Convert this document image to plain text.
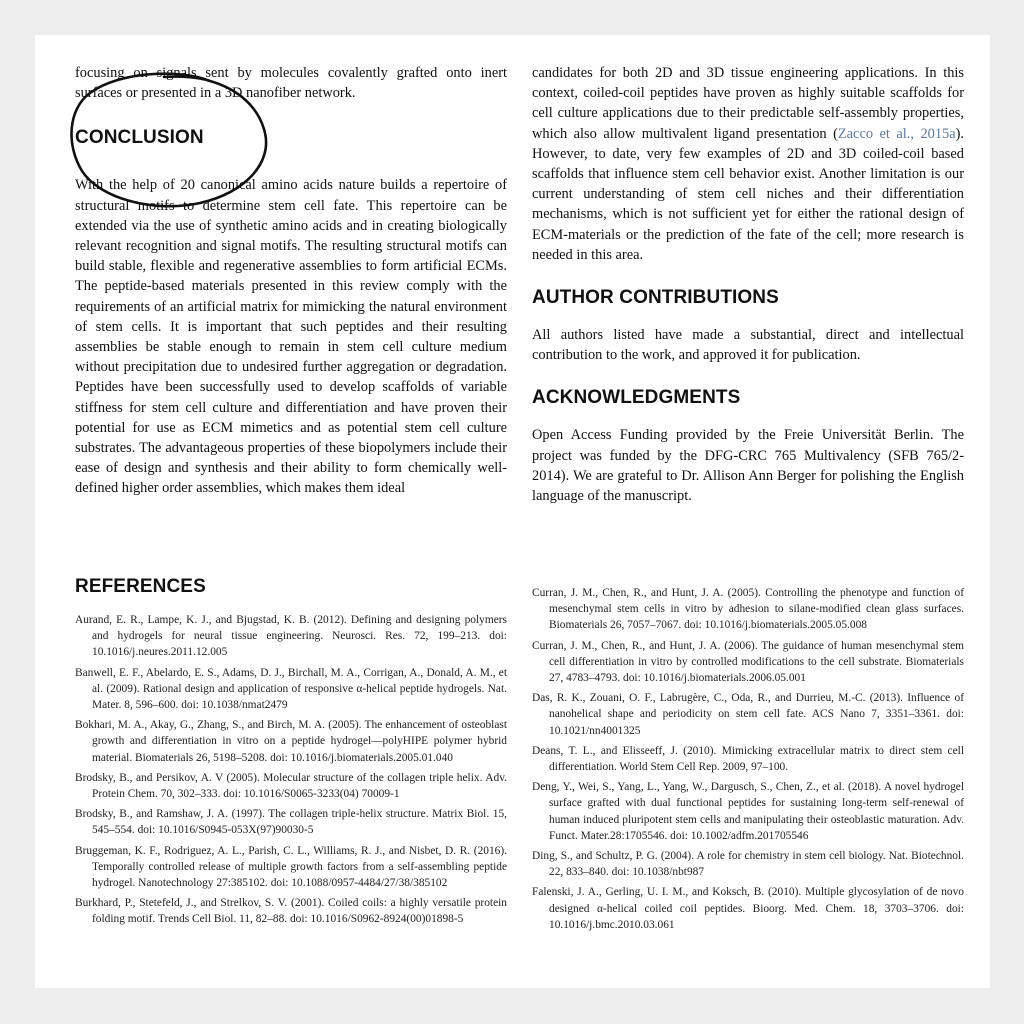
focusing on signals sent by molecules covalently grafted onto inert surfaces or presented in a 3D nanofiber network.

CONCLUSION

With the help of 20 canonical amino acids nature builds a repertoire of structural motifs to determine stem cell fate. This repertoire can be extended via the use of synthetic amino acids and in creating biologically relevant recognition and signal motifs. The resulting structural motifs can build stable, flexible and regenerative assemblies to form artificial ECMs. The peptide-based materials presented in this review comply with the requirements of an artificial matrix for mimicking the natural environment of stem cells. It is important that such peptides and their resulting assemblies be stable enough to remain in stem cell culture medium without precipitation due to undesired further aggregation or degradation. Peptides have been successfully used to develop scaffolds of variable stiffness for stem cell culture and differentiation and have proven their potential for use as ECM mimetics and as potential stem cell culture substrates. The advantageous properties of these biopolymers include their ease of design and synthesis and their ability to form chemically well-defined higher order assemblies, which makes them ideal

candidates for both 2D and 3D tissue engineering applications. In this context, coiled-coil peptides have proven as highly suitable scaffolds for cell culture applications due to their predictable self-assembly properties, which also allow multivalent ligand presentation (Zacco et al., 2015a). However, to date, very few examples of 2D and 3D coiled-coil based scaffolds that influence stem cell behavior exist. Another limitation is our current understanding of stem cell niches and their differentiation mechanisms, which is not sufficient yet for either the rational design of ECM-materials or the prediction of the fate of the cell; more research is needed in this area.

AUTHOR CONTRIBUTIONS

All authors listed have made a substantial, direct and intellectual contribution to the work, and approved it for publication.

ACKNOWLEDGMENTS

Open Access Funding provided by the Freie Universität Berlin. The project was funded by the DFG-CRC 765 Multivalency (SFB 765/2-2014). We are grateful to Dr. Allison Ann Berger for polishing the English language of the manuscript.

REFERENCES

Aurand, E. R., Lampe, K. J., and Bjugstad, K. B. (2012). Defining and designing polymers and hydrogels for neural tissue engineering. Neurosci. Res. 72, 199–213. doi: 10.1016/j.neures.2011.12.005

Banwell, E. F., Abelardo, E. S., Adams, D. J., Birchall, M. A., Corrigan, A., Donald, A. M., et al. (2009). Rational design and application of responsive α-helical peptide hydrogels. Nat. Mater. 8, 596–600. doi: 10.1038/nmat2479

Bokhari, M. A., Akay, G., Zhang, S., and Birch, M. A. (2005). The enhancement of osteoblast growth and differentiation in vitro on a peptide hydrogel—polyHIPE polymer hybrid material. Biomaterials 26, 5198–5208. doi: 10.1016/j.biomaterials.2005.01.040

Brodsky, B., and Persikov, A. V (2005). Molecular structure of the collagen triple helix. Adv. Protein Chem. 70, 302–333. doi: 10.1016/S0065-3233(04) 70009-1

Brodsky, B., and Ramshaw, J. A. (1997). The collagen triple-helix structure. Matrix Biol. 15, 545–554. doi: 10.1016/S0945-053X(97)90030-5

Bruggeman, K. F., Rodriguez, A. L., Parish, C. L., Williams, R. J., and Nisbet, D. R. (2016). Temporally controlled release of multiple growth factors from a self-assembling peptide hydrogel. Nanotechnology 27:385102. doi: 10.1088/0957-4484/27/38/385102

Burkhard, P., Stetefeld, J., and Strelkov, S. V. (2001). Coiled coils: a highly versatile protein folding motif. Trends Cell Biol. 11, 82–88. doi: 10.1016/S0962-8924(00)01898-5

Curran, J. M., Chen, R., and Hunt, J. A. (2005). Controlling the phenotype and function of mesenchymal stem cells in vitro by adhesion to silane-modified clean glass surfaces. Biomaterials 26, 7057–7067. doi: 10.1016/j.biomaterials.2005.05.008

Curran, J. M., Chen, R., and Hunt, J. A. (2006). The guidance of human mesenchymal stem cell differentiation in vitro by controlled modifications to the cell substrate. Biomaterials 27, 4783–4793. doi: 10.1016/j.biomaterials.2006.05.001

Das, R. K., Zouani, O. F., Labrugère, C., Oda, R., and Durrieu, M.-C. (2013). Influence of nanohelical shape and periodicity on stem cell fate. ACS Nano 7, 3351–3361. doi: 10.1021/nn4001325

Deans, T. L., and Elisseeff, J. (2010). Mimicking extracellular matrix to direct stem cell differentiation. World Stem Cell Rep. 2009, 97–100.

Deng, Y., Wei, S., Yang, L., Yang, W., Dargusch, S., Chen, Z., et al. (2018). A novel hydrogel surface grafted with dual functional peptides for sustaining long-term self-renewal of human induced pluripotent stem cells and manipulating their osteoblastic maturation. Adv. Funct. Mater.28:1705546. doi: 10.1002/adfm.201705546

Ding, S., and Schultz, P. G. (2004). A role for chemistry in stem cell biology. Nat. Biotechnol. 22, 833–840. doi: 10.1038/nbt987

Falenski, J. A., Gerling, U. I. M., and Koksch, B. (2010). Multiple glycosylation of de novo designed α-helical coiled coil peptides. Bioorg. Med. Chem. 18, 3703–3706. doi: 10.1016/j.bmc.2010.03.061
